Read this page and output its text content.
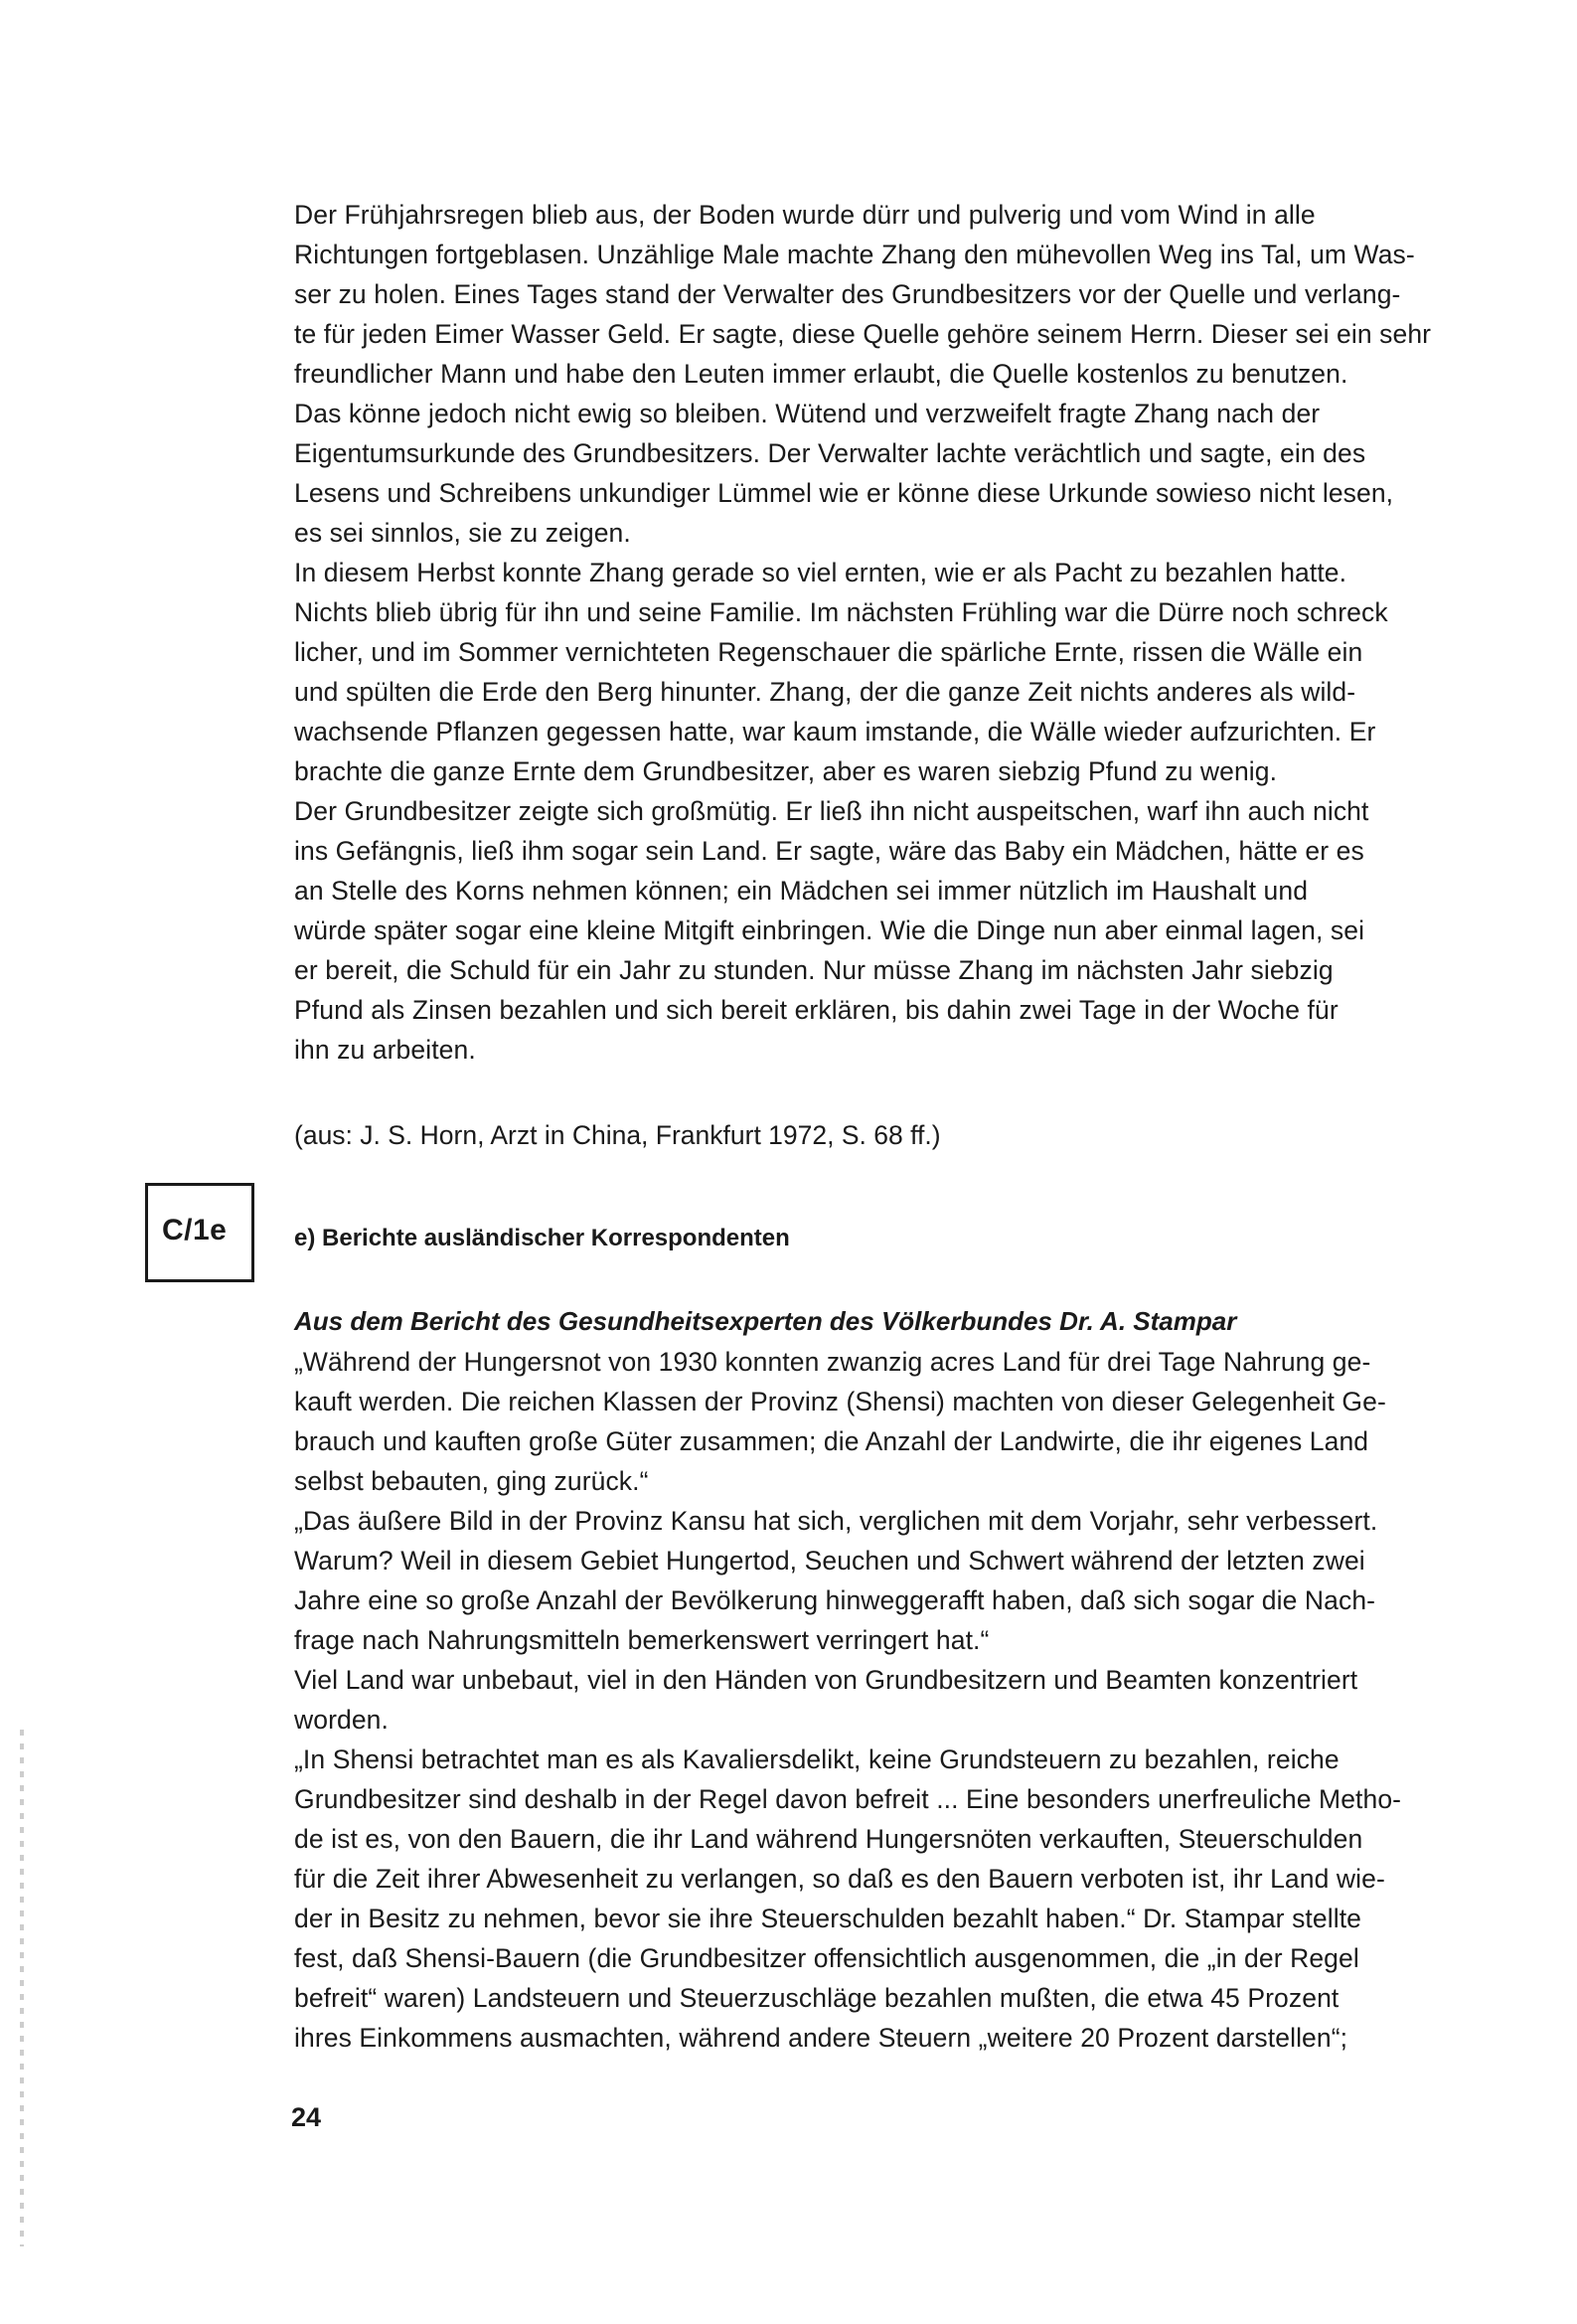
Der Frühjahrsregen blieb aus, der Boden wurde dürr und pulverig und vom Wind in alle
Richtungen fortgeblasen. Unzählige Male machte Zhang den mühevollen Weg ins Tal, um Was-
ser zu holen. Eines Tages stand der Verwalter des Grundbesitzers vor der Quelle und verlang-
te für jeden Eimer Wasser Geld. Er sagte, diese Quelle gehöre seinem Herrn. Dieser sei ein sehr
freundlicher Mann und habe den Leuten immer erlaubt, die Quelle kostenlos zu benutzen.
Das könne jedoch nicht ewig so bleiben. Wütend und verzweifelt fragte Zhang nach der
Eigentumsurkunde des Grundbesitzers. Der Verwalter lachte verächtlich und sagte, ein des
Lesens und Schreibens unkundiger Lümmel wie er könne diese Urkunde sowieso nicht lesen,
es sei sinnlos, sie zu zeigen.
In diesem Herbst konnte Zhang gerade so viel ernten, wie er als Pacht zu bezahlen hatte.
Nichts blieb übrig für ihn und seine Familie. Im nächsten Frühling war die Dürre noch schreck
licher, und im Sommer vernichteten Regenschauer die spärliche Ernte, rissen die Wälle ein
und spülten die Erde den Berg hinunter. Zhang, der die ganze Zeit nichts anderes als wild-
wachsende Pflanzen gegessen hatte, war kaum imstande, die Wälle wieder aufzurichten. Er
brachte die ganze Ernte dem Grundbesitzer, aber es waren siebzig Pfund zu wenig.
Der Grundbesitzer zeigte sich großmütig. Er ließ ihn nicht auspeitschen, warf ihn auch nicht
ins Gefängnis, ließ ihm sogar sein Land. Er sagte, wäre das Baby ein Mädchen, hätte er es
an Stelle des Korns nehmen können; ein Mädchen sei immer nützlich im Haushalt und
würde später sogar eine kleine Mitgift einbringen. Wie die Dinge nun aber einmal lagen, sei
er bereit, die Schuld für ein Jahr zu stunden. Nur müsse Zhang im nächsten Jahr siebzig
Pfund als Zinsen bezahlen und sich bereit erklären, bis dahin zwei Tage in der Woche für
ihn zu arbeiten.
(aus: J. S. Horn, Arzt in China, Frankfurt 1972, S. 68 ff.)
C/1e	e) Berichte ausländischer Korrespondenten
Aus dem Bericht des Gesundheitsexperten des Völkerbundes Dr. A. Stampar
„Während der Hungersnot von 1930 konnten zwanzig acres Land für drei Tage Nahrung ge-
kauft werden. Die reichen Klassen der Provinz (Shensi) machten von dieser Gelegenheit Ge-
brauch und kauften große Güter zusammen; die Anzahl der Landwirte, die ihr eigenes Land
selbst bebauten, ging zurück.“
„Das äußere Bild in der Provinz Kansu hat sich, verglichen mit dem Vorjahr, sehr verbessert.
Warum? Weil in diesem Gebiet Hungertod, Seuchen und Schwert während der letzten zwei
Jahre eine so große Anzahl der Bevölkerung hinweggerafft haben, daß sich sogar die Nach-
frage nach Nahrungsmitteln bemerkenswert verringert hat.“
Viel Land war unbebaut, viel in den Händen von Grundbesitzern und Beamten konzentriert
worden.
„In Shensi betrachtet man es als Kavaliersdelikt, keine Grundsteuern zu bezahlen, reiche
Grundbesitzer sind deshalb in der Regel davon befreit ... Eine besonders unerfreuliche Metho-
de ist es, von den Bauern, die ihr Land während Hungersnöten verkauften, Steuerschulden
für die Zeit ihrer Abwesenheit zu verlangen, so daß es den Bauern verboten ist, ihr Land wie-
der in Besitz zu nehmen, bevor sie ihre Steuerschulden bezahlt haben.“ Dr. Stampar stellte
fest, daß Shensi-Bauern (die Grundbesitzer offensichtlich ausgenommen, die „in der Regel
befreit“ waren) Landsteuern und Steuerzuschläge bezahlen mußten, die etwa 45 Prozent
ihres Einkommens ausmachten, während andere Steuern „weitere 20 Prozent darstellen“;
24
